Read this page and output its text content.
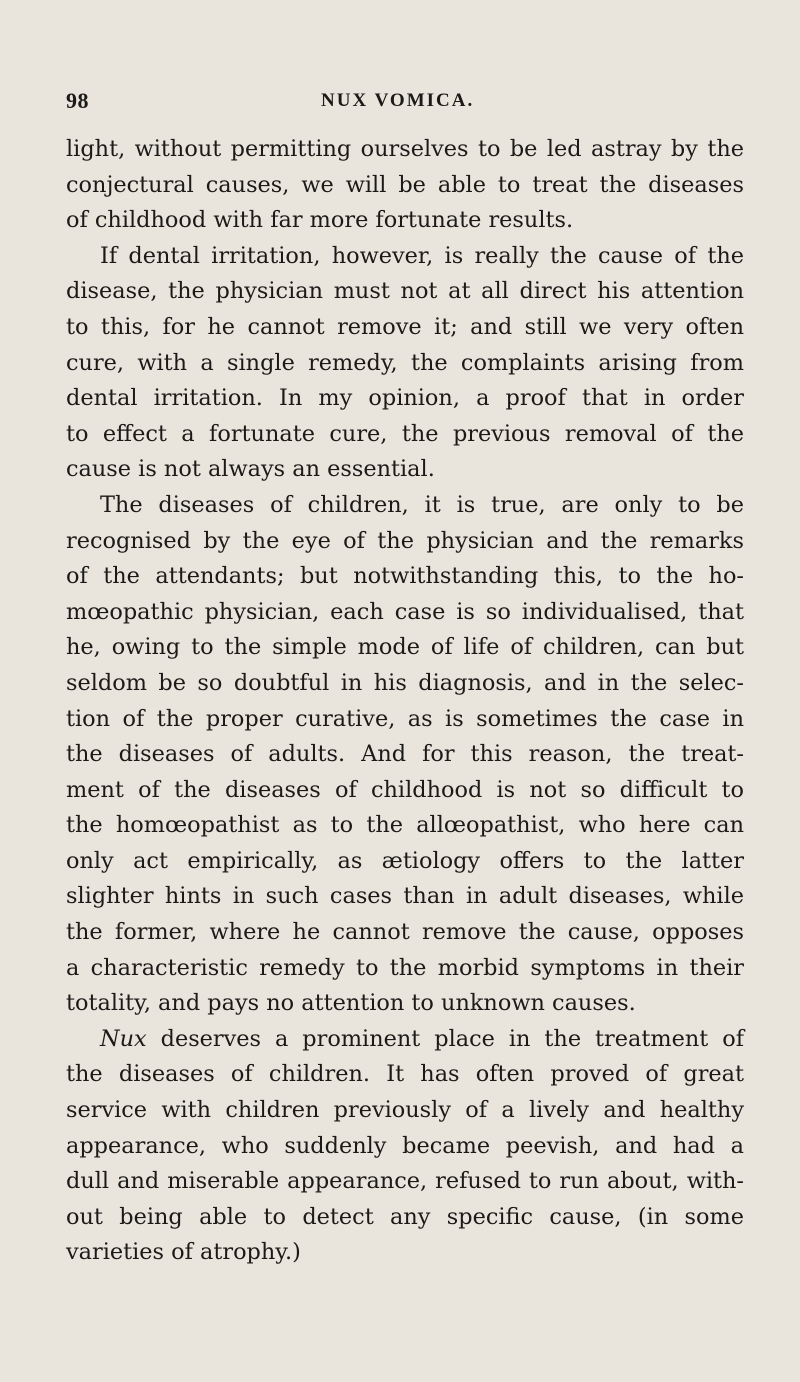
98	NUX VOMICA.
light, without permitting ourselves to be led astray by the
conjectural causes, we will be able to treat the diseases
of childhood with far more fortunate results.
If dental irritation, however, is really the cause of the
disease, the physician must not at all direct his attention
to this, for he cannot remove it; and still we very often
cure, with a single remedy, the complaints arising from
dental irritation. In my opinion, a proof that in order
to effect a fortunate cure, the previous removal of the
cause is not always an essential.
The diseases of children, it is true, are only to be
recognised by the eye of the physician and the remarks
of the attendants; but notwithstanding this, to the ho-
mœopathic physician, each case is so individualised, that
he, owing to the simple mode of life of children, can but
seldom be so doubtful in his diagnosis, and in the selec-
tion of the proper curative, as is sometimes the case in
the diseases of adults. And for this reason, the treat-
ment of the diseases of childhood is not so difficult to
the homœopathist as to the allœopathist, who here can
only act empirically, as ætiology offers to the latter
slighter hints in such cases than in adult diseases, while
the former, where he cannot remove the cause, opposes
a characteristic remedy to the morbid symptoms in their
totality, and pays no attention to unknown causes.
Nux deserves a prominent place in the treatment of
the diseases of children. It has often proved of great
service with children previously of a lively and healthy
appearance, who suddenly became peevish, and had a
dull and miserable appearance, refused to run about, with-
out being able to detect any specific cause, (in some
varieties of atrophy.)
